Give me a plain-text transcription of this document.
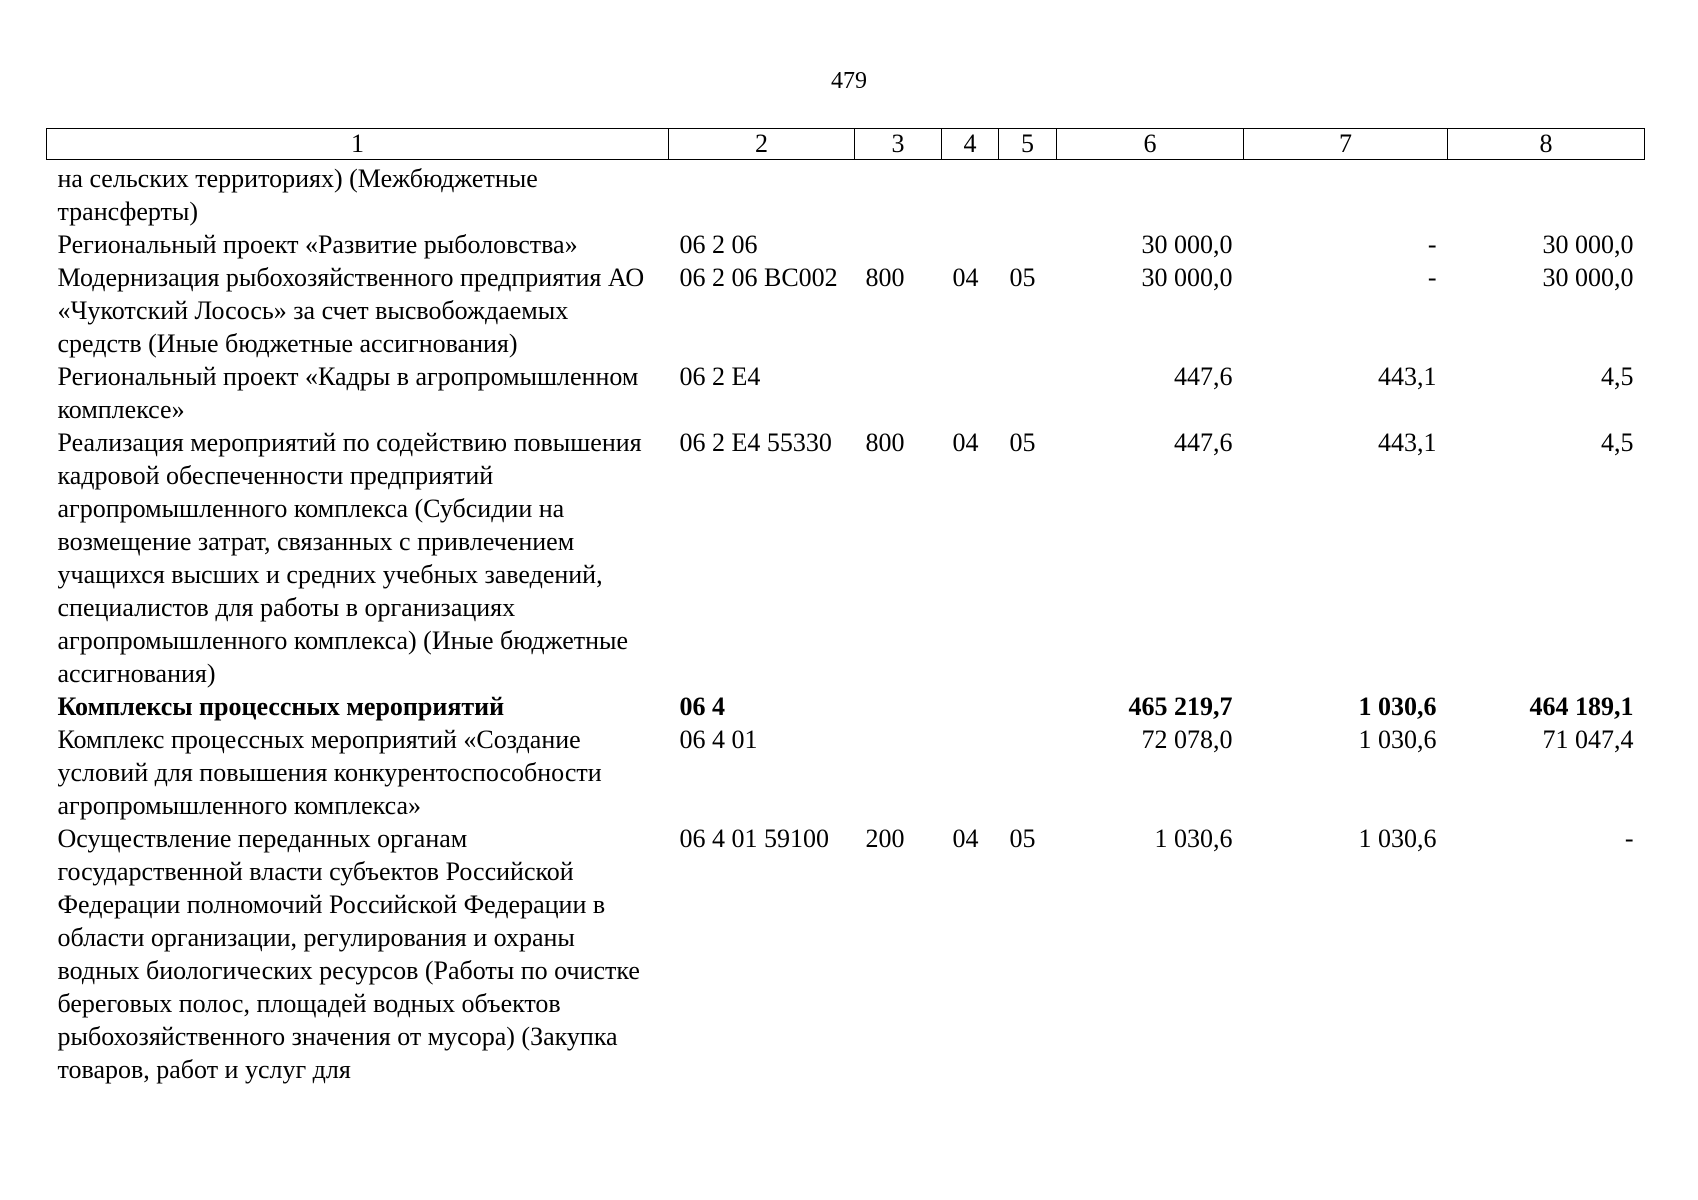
479
1	2	3	4	5	6	7	8
на сельских территориях) (Межбюджетные трансферты)							
Региональный проект «Развитие рыболовства»	06 2 06				30 000,0	-	30 000,0
Модернизация рыбохозяйственного предприятия АО «Чукотский Лосось» за счет высвобождаемых средств (Иные бюджетные ассигнования)	06 2 06 ВС002	800	04	05	30 000,0	-	30 000,0
Региональный проект «Кадры в агропромышленном комплексе»	06 2 Е4				447,6	443,1	4,5
Реализация мероприятий по содействию повышения кадровой обеспеченности предприятий агропромышленного комплекса (Субсидии на возмещение затрат, связанных с привлечением учащихся высших и средних учебных заведений, специалистов для работы в организациях агропромышленного комплекса) (Иные бюджетные ассигнования)	06 2 Е4 55330	800	04	05	447,6	443,1	4,5
Комплексы процессных мероприятий	06 4				465 219,7	1 030,6	464 189,1
Комплекс процессных мероприятий «Создание условий для повышения конкурентоспособности агропромышленного комплекса»	06 4 01				72 078,0	1 030,6	71 047,4
Осуществление переданных органам государственной власти субъектов Российской Федерации полномочий Российской Федерации в области организации, регулирования и охраны водных биологических ресурсов (Работы по очистке береговых полос, площадей водных объектов рыбохозяйственного значения от мусора) (Закупка товаров, работ и услуг для	06 4 01 59100	200	04	05	1 030,6	1 030,6	-
